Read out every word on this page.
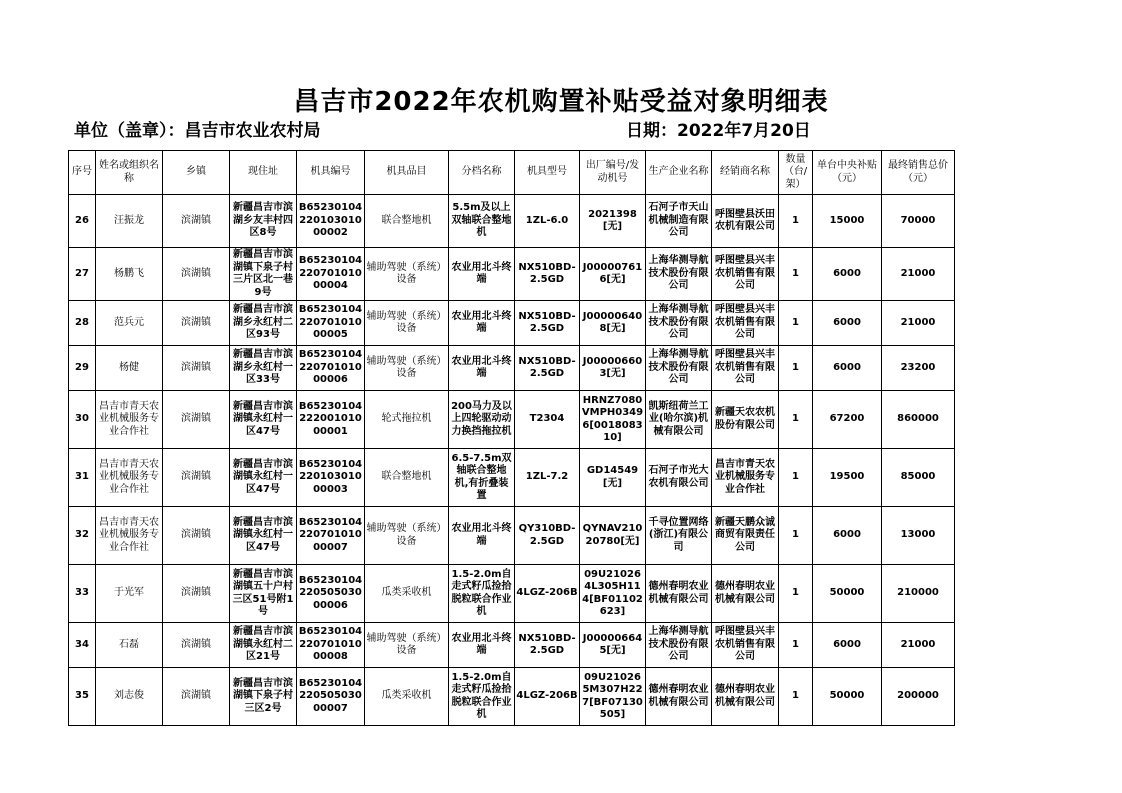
昌吉市2022年农机购置补贴受益对象明细表
单位（盖章）：昌吉市农业农村局	日期：2022年7月20日
序号	姓名或组织名称	乡镇	现住址	机具编号	机具品目	分档名称	机具型号	出厂编号/发动机号	生产企业名称	经销商名称	数量（台/架）	单台中央补贴（元）	最终销售总价（元）
26	汪振龙	滨湖镇	新疆昌吉市滨湖乡友丰村四区8号	B6523010422010301000002	联合整地机	5.5m及以上双轴联合整地机	1ZL-6.0	2021398[无]	石河子市天山机械制造有限公司	呼图壁县沃田农机有限公司	1	15000	70000
27	杨鹏飞	滨湖镇	新疆昌吉市滨湖镇下泉子村三片区北一巷9号	B6523010422070101000004	辅助驾驶（系统）设备	农业用北斗终端	NX510BD-2.5GD	J000007616[无]	上海华测导航技术股份有限公司	呼图壁县兴丰农机销售有限公司	1	6000	21000
28	范兵元	滨湖镇	新疆昌吉市滨湖乡永红村二区93号	B6523010422070101000005	辅助驾驶（系统）设备	农业用北斗终端	NX510BD-2.5GD	J000006408[无]	上海华测导航技术股份有限公司	呼图壁县兴丰农机销售有限公司	1	6000	21000
29	杨健	滨湖镇	新疆昌吉市滨湖乡永红村一区33号	B6523010422070101000006	辅助驾驶（系统）设备	农业用北斗终端	NX510BD-2.5GD	J000006603[无]	上海华测导航技术股份有限公司	呼图壁县兴丰农机销售有限公司	1	6000	23200
30	昌吉市青天农业机械服务专业合作社	滨湖镇	新疆昌吉市滨湖镇永红村一区47号	B6523010422200101000001	轮式拖拉机	200马力及以上四轮驱动动力换挡拖拉机	T2304	HRNZ7080VMPH03496[001808310]	凯斯纽荷兰工业(哈尔滨)机械有限公司	新疆天农农机股份有限公司	1	67200	860000
31	昌吉市青天农业机械服务专业合作社	滨湖镇	新疆昌吉市滨湖镇永红村一区47号	B6523010422010301000003	联合整地机	6.5-7.5m双轴联合整地机,有折叠装置	1ZL-7.2	GD14549[无]	石河子市光大农机有限公司	昌吉市青天农业机械服务专业合作社	1	19500	85000
32	昌吉市青天农业机械服务专业合作社	滨湖镇	新疆昌吉市滨湖镇永红村一区47号	B6523010422070101000007	辅助驾驶（系统）设备	农业用北斗终端	QY310BD-2.5GD	QYNAV21020780[无]	千寻位置网络(浙江)有限公司	新疆天鹏众诚商贸有限责任公司	1	6000	13000
33	于光军	滨湖镇	新疆昌吉市滨湖镇五十户村三区51号附1号	B6523010422050503000006	瓜类采收机	1.5-2.0m自走式籽瓜捡拾脱粒联合作业机	4LGZ-206B	09U210264L305H114[BF01102623]	德州春明农业机械有限公司	德州春明农业机械有限公司	1	50000	210000
34	石磊	滨湖镇	新疆昌吉市滨湖镇永红村二区21号	B6523010422070101000008	辅助驾驶（系统）设备	农业用北斗终端	NX510BD-2.5GD	J000006645[无]	上海华测导航技术股份有限公司	呼图壁县兴丰农机销售有限公司	1	6000	21000
35	刘志俊	滨湖镇	新疆昌吉市滨湖镇下泉子村三区2号	B6523010422050503000007	瓜类采收机	1.5-2.0m自走式籽瓜捡拾脱粒联合作业机	4LGZ-206B	09U210265M307H227[BF07130505]	德州春明农业机械有限公司	德州春明农业机械有限公司	1	50000	200000
